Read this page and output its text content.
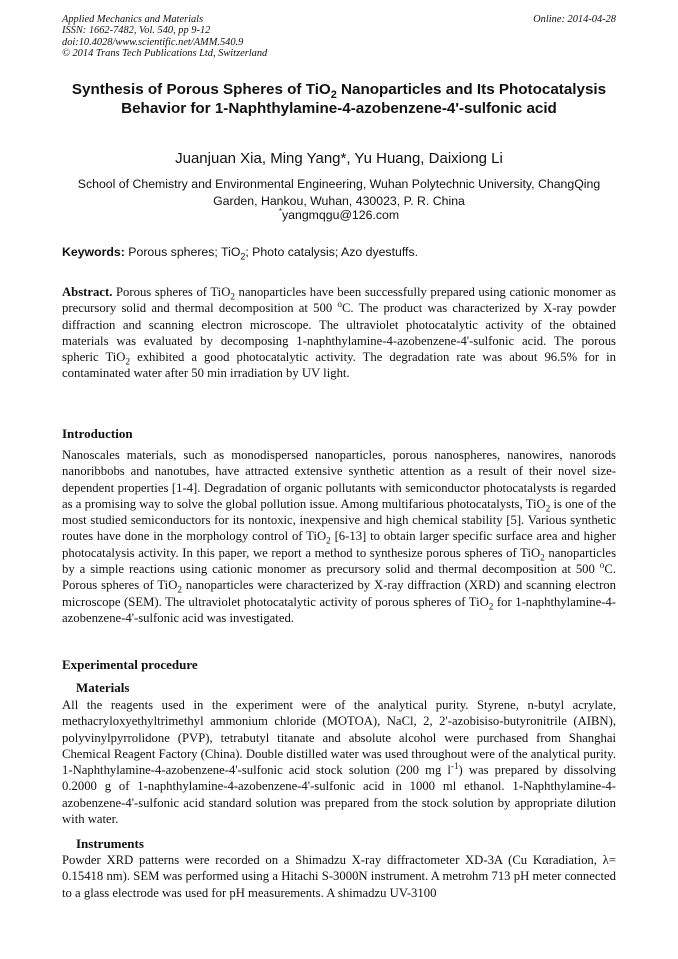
Applied Mechanics and Materials
ISSN: 1662-7482, Vol. 540, pp 9-12
doi:10.4028/www.scientific.net/AMM.540.9
© 2014 Trans Tech Publications Ltd, Switzerland
Online: 2014-04-28
Synthesis of Porous Spheres of TiO$_2$ Nanoparticles and Its Photocatalysis Behavior for 1-Naphthylamine-4-azobenzene-4'-sulfonic acid
Juanjuan Xia, Ming Yang*, Yu Huang, Daixiong Li
School of Chemistry and Environmental Engineering, Wuhan Polytechnic University, ChangQing
Garden, Hankou, Wuhan, 430023, P. R. China
*yangmqgu@126.com
Keywords: Porous spheres; TiO$_2$; Photo catalysis; Azo dyestuffs.
Abstract. Porous spheres of TiO$_2$ nanoparticles have been successfully prepared using cationic monomer as precursory solid and thermal decomposition at 500 $^o$C. The product was characterized by X-ray powder diffraction and scanning electron microscope. The ultraviolet photocatalytic activity of the obtained materials was evaluated by decomposing 1-naphthylamine-4-azobenzene-4'-sulfonic acid. The porous spheric TiO$_2$ exhibited a good photocatalytic activity. The degradation rate was about 96.5% for in contaminated water after 50 min irradiation by UV light.
Introduction
Nanoscales materials, such as monodispersed nanoparticles, porous nanospheres, nanowires, nanorods nanoribbobs and nanotubes, have attracted extensive synthetic attention as a result of their novel size-dependent properties [1-4]. Degradation of organic pollutants with semiconductor photocatalysts is regarded as a promising way to solve the global pollution issue. Among multifarious photocatalysts, TiO$_2$ is one of the most studied semiconductors for its nontoxic, inexpensive and high chemical stability [5]. Various synthetic routes have done in the morphology control of TiO$_2$ [6-13] to obtain larger specific surface area and higher photocatalysis activity. In this paper, we report a method to synthesize porous spheres of TiO$_2$ nanoparticles by a simple reactions using cationic monomer as precursory solid and thermal decomposition at 500 $^o$C. Porous spheres of TiO$_2$ nanoparticles were characterized by X-ray diffraction (XRD) and scanning electron microscope (SEM). The ultraviolet photocatalytic activity of porous spheres of TiO$_2$ for 1-naphthylamine-4-azobenzene-4'-sulfonic acid was investigated.
Experimental procedure
Materials
All the reagents used in the experiment were of the analytical purity. Styrene, n-butyl acrylate, methacryloxyethyltrimethyl ammonium chloride (MOTOA), NaCl, 2, 2'-azobisiso-butyronitrile (AIBN), polyvinylpyrrolidone (PVP), tetrabutyl titanate and absolute alcohol were purchased from Shanghai Chemical Reagent Factory (China). Double distilled water was used throughout were of the analytical purity. 1-Naphthylamine-4-azobenzene-4'-sulfonic acid stock solution (200 mg $l^{-1}$) was prepared by dissolving 0.2000 g of 1-naphthylamine-4-azobenzene-4'-sulfonic acid in 1000 ml ethanol. 1-Naphthylamine-4-azobenzene-4'-sulfonic acid standard solution was prepared from the stock solution by appropriate dilution with water.
Instruments
Powder XRD patterns were recorded on a Shimadzu X-ray diffractometer XD-3A (Cu Kαradiation, λ= 0.15418 nm). SEM was performed using a Hitachi S-3000N instrument. A metrohm 713 pH meter connected to a glass electrode was used for pH measurements. A shimadzu UV-3100
